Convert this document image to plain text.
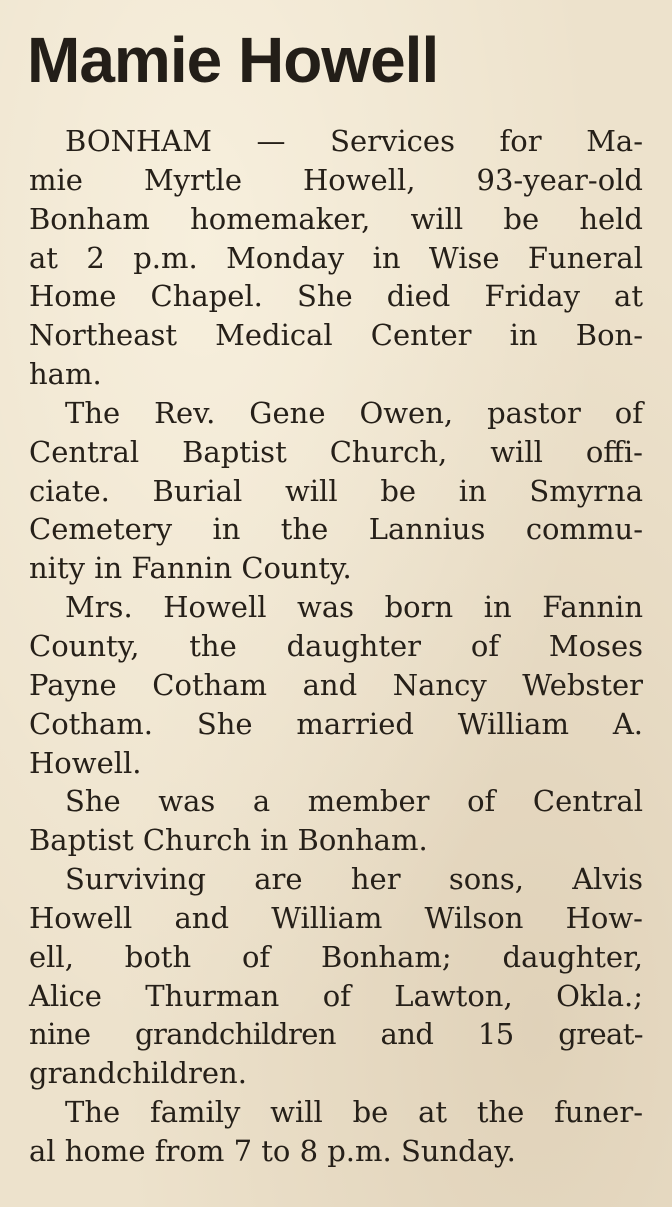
Mamie Howell
BONHAM — Services for Ma-
mie Myrtle Howell, 93-year-old
Bonham homemaker, will be held
at 2 p.m. Monday in Wise Funeral
Home Chapel. She died Friday at
Northeast Medical Center in Bon-
ham.
The Rev. Gene Owen, pastor of
Central Baptist Church, will offi-
ciate. Burial will be in Smyrna
Cemetery in the Lannius commu-
nity in Fannin County.
Mrs. Howell was born in Fannin
County, the daughter of Moses
Payne Cotham and Nancy Webster
Cotham. She married William A.
Howell.
She was a member of Central
Baptist Church in Bonham.
Surviving are her sons, Alvis
Howell and William Wilson How-
ell, both of Bonham; daughter,
Alice Thurman of Lawton, Okla.;
nine grandchildren and 15 great-
grandchildren.
The family will be at the funer-
al home from 7 to 8 p.m. Sunday.
